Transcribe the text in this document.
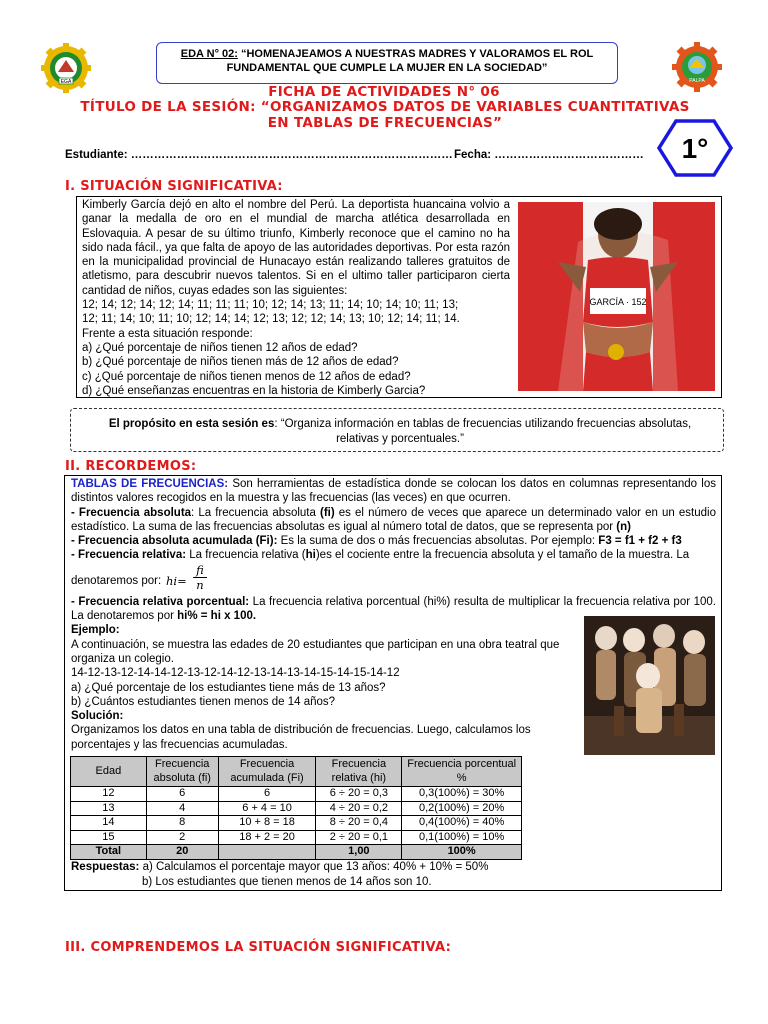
EGA
EDA N° 02: “HOMENAJEAMOS A NUESTRAS MADRES Y VALORAMOS EL ROL
FUNDAMENTAL QUE CUMPLE LA MUJER EN LA SOCIEDAD”
PALPA
FICHA DE ACTIVIDADES N° 06
TÍTULO DE LA SESIÓN: “ORGANIZAMOS DATOS DE VARIABLES CUANTITATIVAS
EN TABLAS DE FRECUENCIAS”
1°
Estudiante: ………………………………………………………………………… Fecha: …………………………………
I. SITUACIÓN SIGNIFICATIVA:

Kimberly García dejó en alto el nombre del Perú. La deportista huancaina volvio a ganar la medalla de oro en el mundial de marcha atlética desarrollada en Eslovaquia. A pesar de su último triunfo, Kimberly reconoce que el camino no ha sido nada fácil., ya que falta de apoyo de las autoridades deportivas. Por esta razón en la municipalidad provincial de Hunacayo están realizando talleres gratuitos de atletismo, para descubrir nuevos talentos. Si en el ultimo taller participaron cierta cantidad de niños, cuyas edades son las siguientes:

12; 14; 12; 14; 12; 14; 11; 11; 11; 10; 12; 14; 13; 11; 14; 10; 14; 10; 11; 13;

12; 11; 14; 10; 11; 10; 12; 14; 14; 12; 13; 12; 12; 14; 13; 10; 12; 14; 11; 14.

Frente a esta situación responde:

a) ¿Qué porcentaje de niños tienen 12 años de edad?

b) ¿Qué porcentaje de niños tienen más de 12 años de edad?

c) ¿Qué porcentaje de niños tienen menos de 12 años de edad?

d) ¿Qué enseñanzas encuentras en la historia de Kimberly Garcia?

GARCÍA · 152
El propósito en esta sesión es: “Organiza información en tablas de frecuencias utilizando frecuencias absolutas, relativas y porcentuales.”
II. RECORDEMOS:
TABLAS DE FRECUENCIAS: Son herramientas de estadística donde se colocan los datos en columnas representando los distintos valores recogidos en la muestra y las frecuencias (las veces) en que ocurren.
- Frecuencia absoluta: La frecuencia absoluta (fi) es el número de veces que aparece un determinado valor en un estudio estadístico. La suma de las frecuencias absolutas es igual al número total de datos, que se representa por (n)
- Frecuencia absoluta acumulada (Fi): Es la suma de dos o más frecuencias absolutas. Por ejemplo: F3 = f1 + f2 + f3
- Frecuencia relativa: La frecuencia relativa (hi)es el cociente entre la frecuencia absoluta y el tamaño de la muestra. La
denotaremos por: hi=
fi
n
- Frecuencia relativa porcentual: La frecuencia relativa porcentual (hi%) resulta de multiplicar la frecuencia relativa por 100. La denotaremos por hi% = hi x 100.
Ejemplo:
A continuación, se muestra las edades de 20 estudiantes que participan en una obra teatral que organiza un colegio.
14-12-13-12-14-14-12-13-12-14-12-13-14-13-14-15-14-15-14-12
a) ¿Qué porcentaje de los estudiantes tiene más de 13 años?
b) ¿Cuántos estudiantes tienen menos de 14 años?
Solución:
Organizamos los datos en una tabla de distribución de frecuencias. Luego, calculamos los porcentajes y las frecuencias acumuladas.
Edad	Frecuencia absoluta (fi)	Frecuencia acumulada (Fi)	Frecuencia relativa (hi)	Frecuencia porcentual %
12	6	6	6 ÷ 20 = 0,3	0,3(100%) = 30%
13	4	6 + 4 = 10	4 ÷ 20 = 0,2	0,2(100%) = 20%
14	8	10 + 8 = 18	8 ÷ 20 = 0,4	0,4(100%) = 40%
15	2	18 + 2 = 20	2 ÷ 20 = 0,1	0,1(100%) = 10%
Total	20		1,00	100%
Respuestas: a) Calculamos el porcentaje mayor que 13 años: 40% + 10% = 50%
b) Los estudiantes que tienen menos de 14 años son 10.
III. COMPRENDEMOS LA SITUACIÓN SIGNIFICATIVA:
